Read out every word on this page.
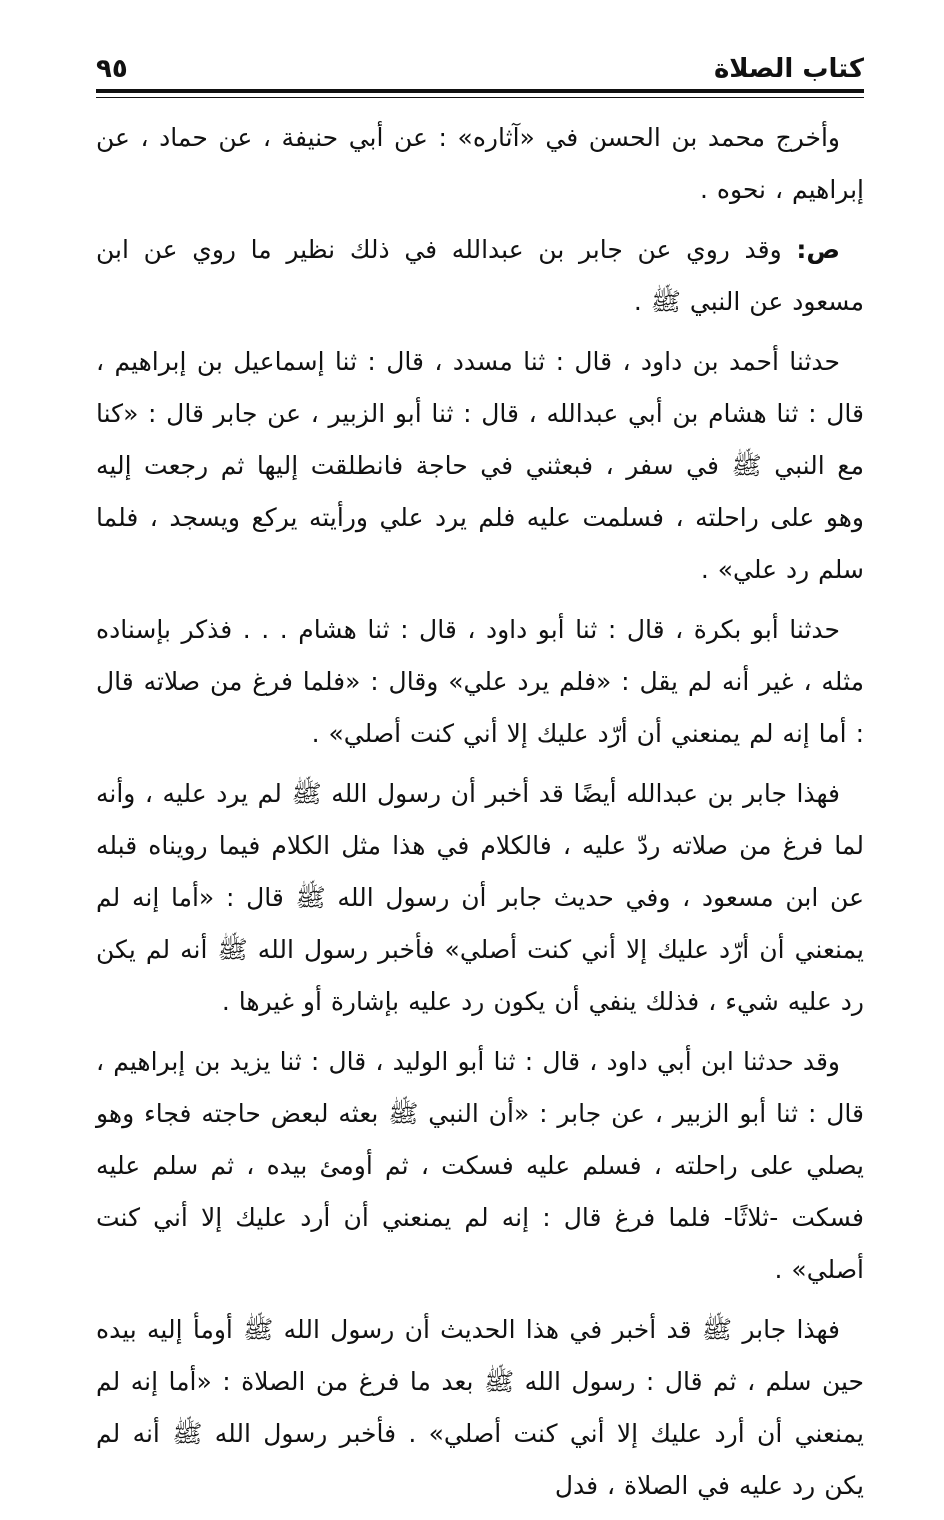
كتاب الصلاة
٩٥

وأخرج محمد بن الحسن في «آثاره» : عن أبي حنيفة ، عن حماد ، عن إبراهيم ، نحوه .

ص: وقد روي عن جابر بن عبدالله في ذلك نظير ما روي عن ابن مسعود عن النبي ﷺ .

حدثنا أحمد بن داود ، قال : ثنا مسدد ، قال : ثنا إسماعيل بن إبراهيم ، قال : ثنا هشام بن أبي عبدالله ، قال : ثنا أبو الزبير ، عن جابر قال : «كنا مع النبي ﷺ في سفر ، فبعثني في حاجة فانطلقت إليها ثم رجعت إليه وهو على راحلته ، فسلمت عليه فلم يرد علي ورأيته يركع ويسجد ، فلما سلم رد علي» .

حدثنا أبو بكرة ، قال : ثنا أبو داود ، قال : ثنا هشام . . . فذكر بإسناده مثله ، غير أنه لم يقل : «فلم يرد علي» وقال : «فلما فرغ من صلاته قال : أما إنه لم يمنعني أن أرّد عليك إلا أني كنت أصلي» .

فهذا جابر بن عبدالله أيضًا قد أخبر أن رسول الله ﷺ لم يرد عليه ، وأنه لما فرغ من صلاته ردّ عليه ، فالكلام في هذا مثل الكلام فيما رويناه قبله عن ابن مسعود ، وفي حديث جابر أن رسول الله ﷺ قال : «أما إنه لم يمنعني أن أرّد عليك إلا أني كنت أصلي» فأخبر رسول الله ﷺ أنه لم يكن رد عليه شيء ، فذلك ينفي أن يكون رد عليه بإشارة أو غيرها .

وقد حدثنا ابن أبي داود ، قال : ثنا أبو الوليد ، قال : ثنا يزيد بن إبراهيم ، قال : ثنا أبو الزبير ، عن جابر : «أن النبي ﷺ بعثه لبعض حاجته فجاء وهو يصلي على راحلته ، فسلم عليه فسكت ، ثم أومئ بيده ، ثم سلم عليه فسكت -ثلاثًا- فلما فرغ قال : إنه لم يمنعني أن أرد عليك إلا أني كنت أصلي» .

فهذا جابر ﷺ قد أخبر في هذا الحديث أن رسول الله ﷺ أومأ إليه بيده حين سلم ، ثم قال : رسول الله ﷺ بعد ما فرغ من الصلاة : «أما إنه لم يمنعني أن أرد عليك إلا أني كنت أصلي» . فأخبر رسول الله ﷺ أنه لم يكن رد عليه في الصلاة ، فدل
